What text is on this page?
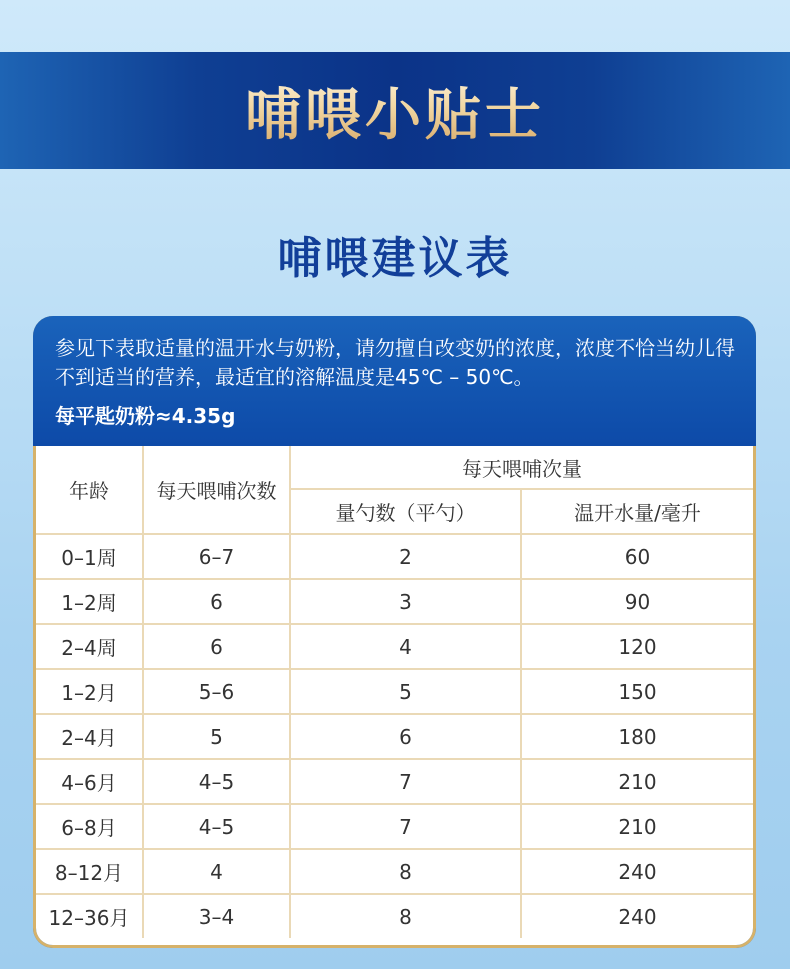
哺喂小贴士
哺喂建议表

参见下表取适量的温开水与奶粉，请勿擅自改变奶的浓度，浓度不恰当幼儿得不到适当的营养，最适宜的溶解温度是45℃ – 50℃。

每平匙奶粉≈4.35g
年龄	每天喂哺次数	每天喂哺次量	
		量勺数（平勺）	温开水量/毫升
0–1周	6–7	2	60
1–2周	6	3	90
2–4周	6	4	120
1–2月	5–6	5	150
2–4月	5	6	180
4–6月	4–5	7	210
6–8月	4–5	7	210
8–12月	4	8	240
12–36月	3–4	8	240
